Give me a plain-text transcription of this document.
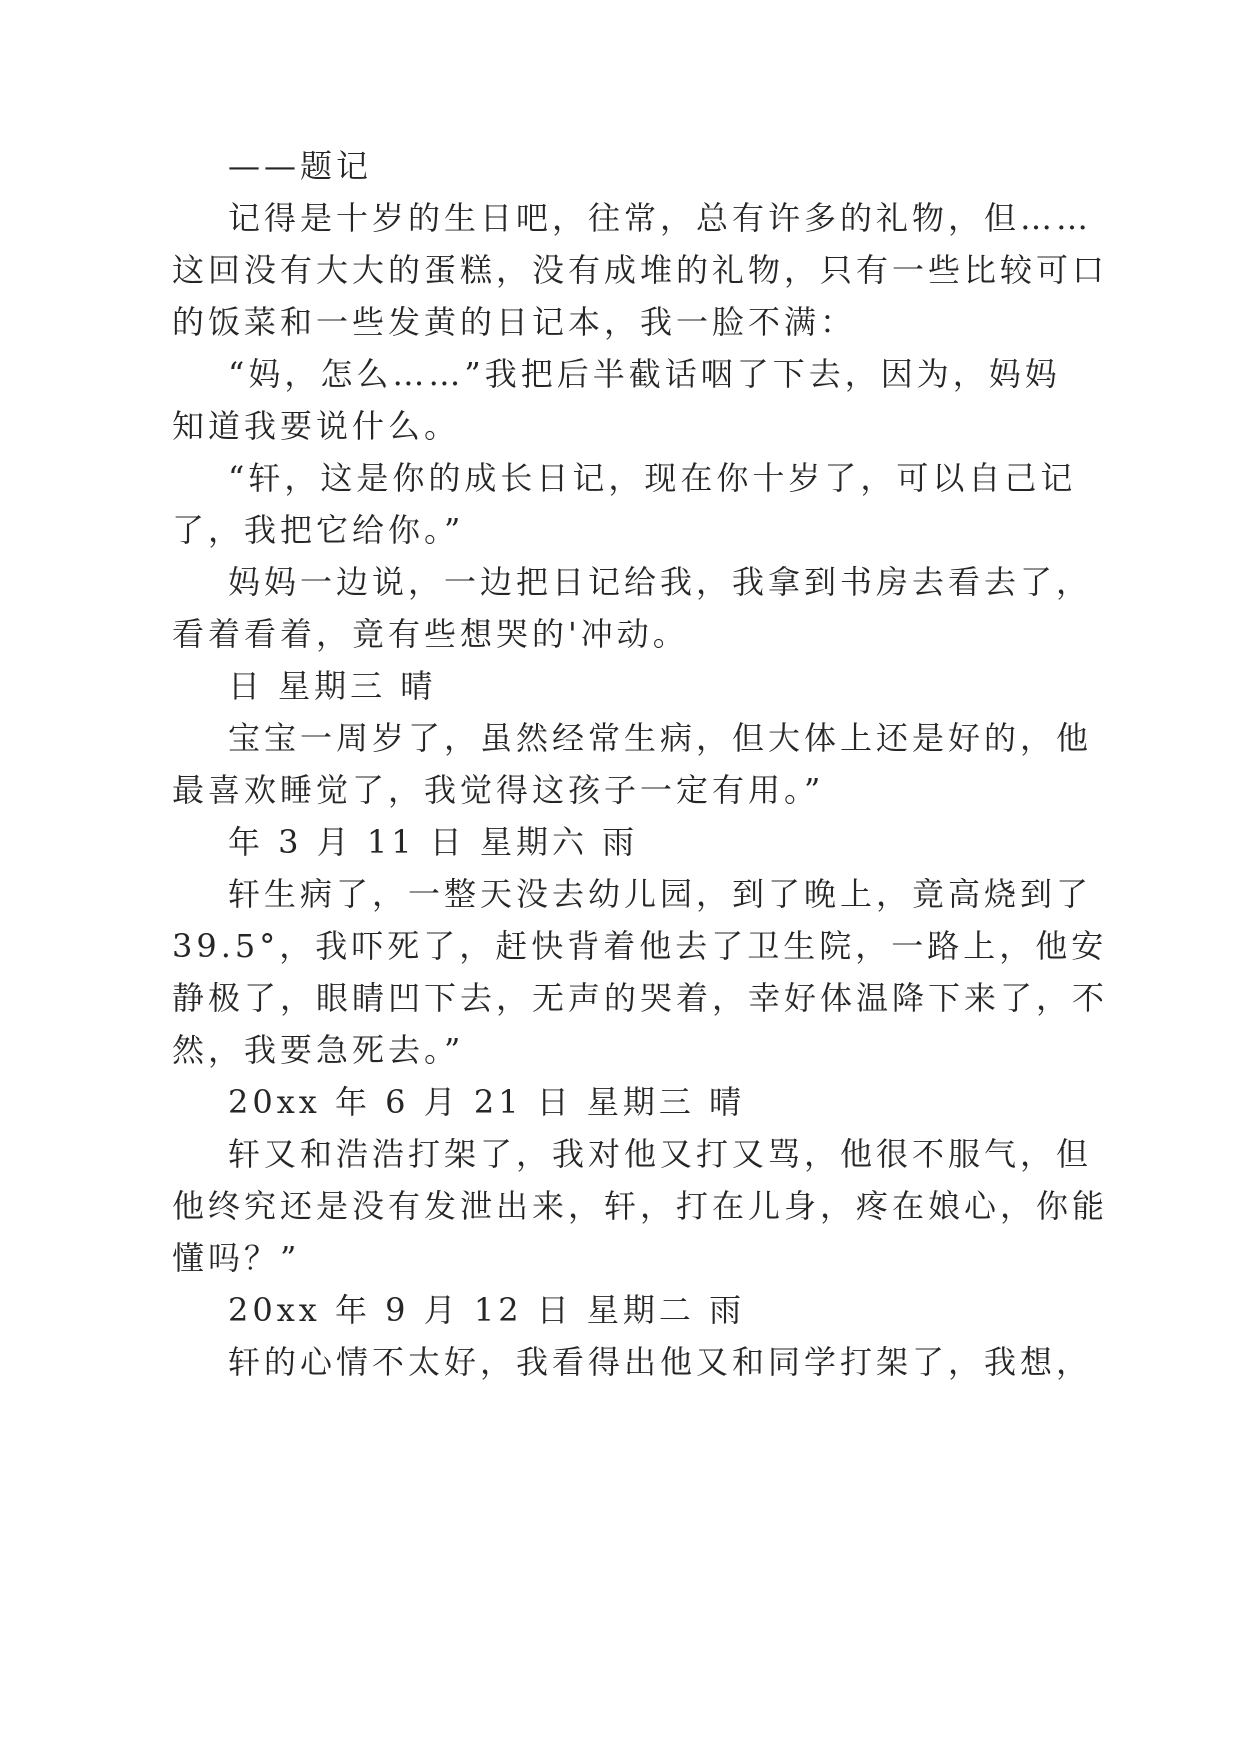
——题记

记得是十岁的生日吧，往常，总有许多的礼物，但……

这回没有大大的蛋糕，没有成堆的礼物，只有一些比较可口

的饭菜和一些发黄的日记本，我一脸不满：

“妈，怎么……”我把后半截话咽了下去，因为，妈妈

知道我要说什么。

“轩，这是你的成长日记，现在你十岁了，可以自己记

了，我把它给你。”

妈妈一边说，一边把日记给我，我拿到书房去看去了，

看着看着，竟有些想哭的'冲动。

日 星期三 晴

宝宝一周岁了，虽然经常生病，但大体上还是好的，他

最喜欢睡觉了，我觉得这孩子一定有用。”

年 3 月 11 日 星期六 雨

轩生病了，一整天没去幼儿园，到了晚上，竟高烧到了

39.5°，我吓死了，赶快背着他去了卫生院，一路上，他安

静极了，眼睛凹下去，无声的哭着，幸好体温降下来了，不

然，我要急死去。”

20xx 年 6 月 21 日 星期三 晴

轩又和浩浩打架了，我对他又打又骂，他很不服气，但

他终究还是没有发泄出来，轩，打在儿身，疼在娘心，你能

懂吗？”

20xx 年 9 月 12 日 星期二 雨

轩的心情不太好，我看得出他又和同学打架了，我想，
